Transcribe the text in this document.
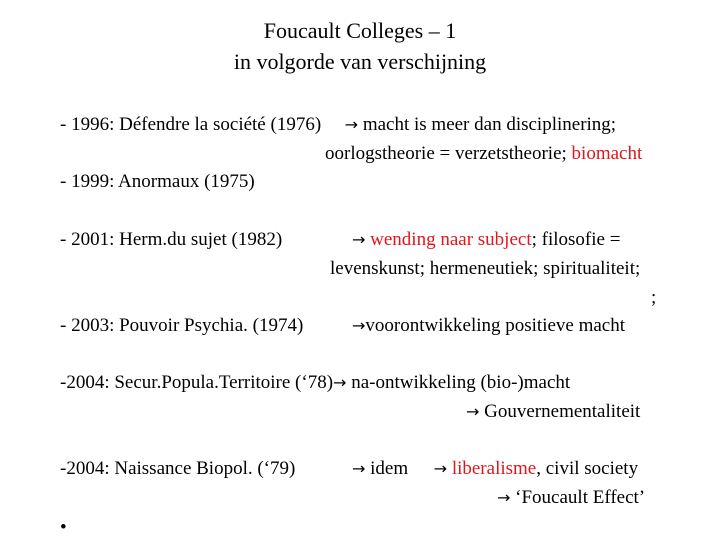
Foucault Colleges – 1
in volgorde van verschijning
- 1996: Défendre la société (1976) → macht is meer dan disciplinering;
oorlogstheorie = verzetstheorie; biomacht
- 1999: Anormaux (1975)
- 2001: Herm.du sujet (1982)	→ wending naar subject; filosofie =
levenskunst; hermeneutiek; spiritualiteit;
;
- 2003: Pouvoir Psychia. (1974)	→voorontwikkeling positieve macht
-2004: Secur.Popula.Territoire (‘78)→ na-ontwikkeling (bio-)macht
→ Gouvernementaliteit
-2004: Naissance Biopol. (‘79)	→ idem → liberalisme, civil society
→ ‘Foucault Effect’
•
